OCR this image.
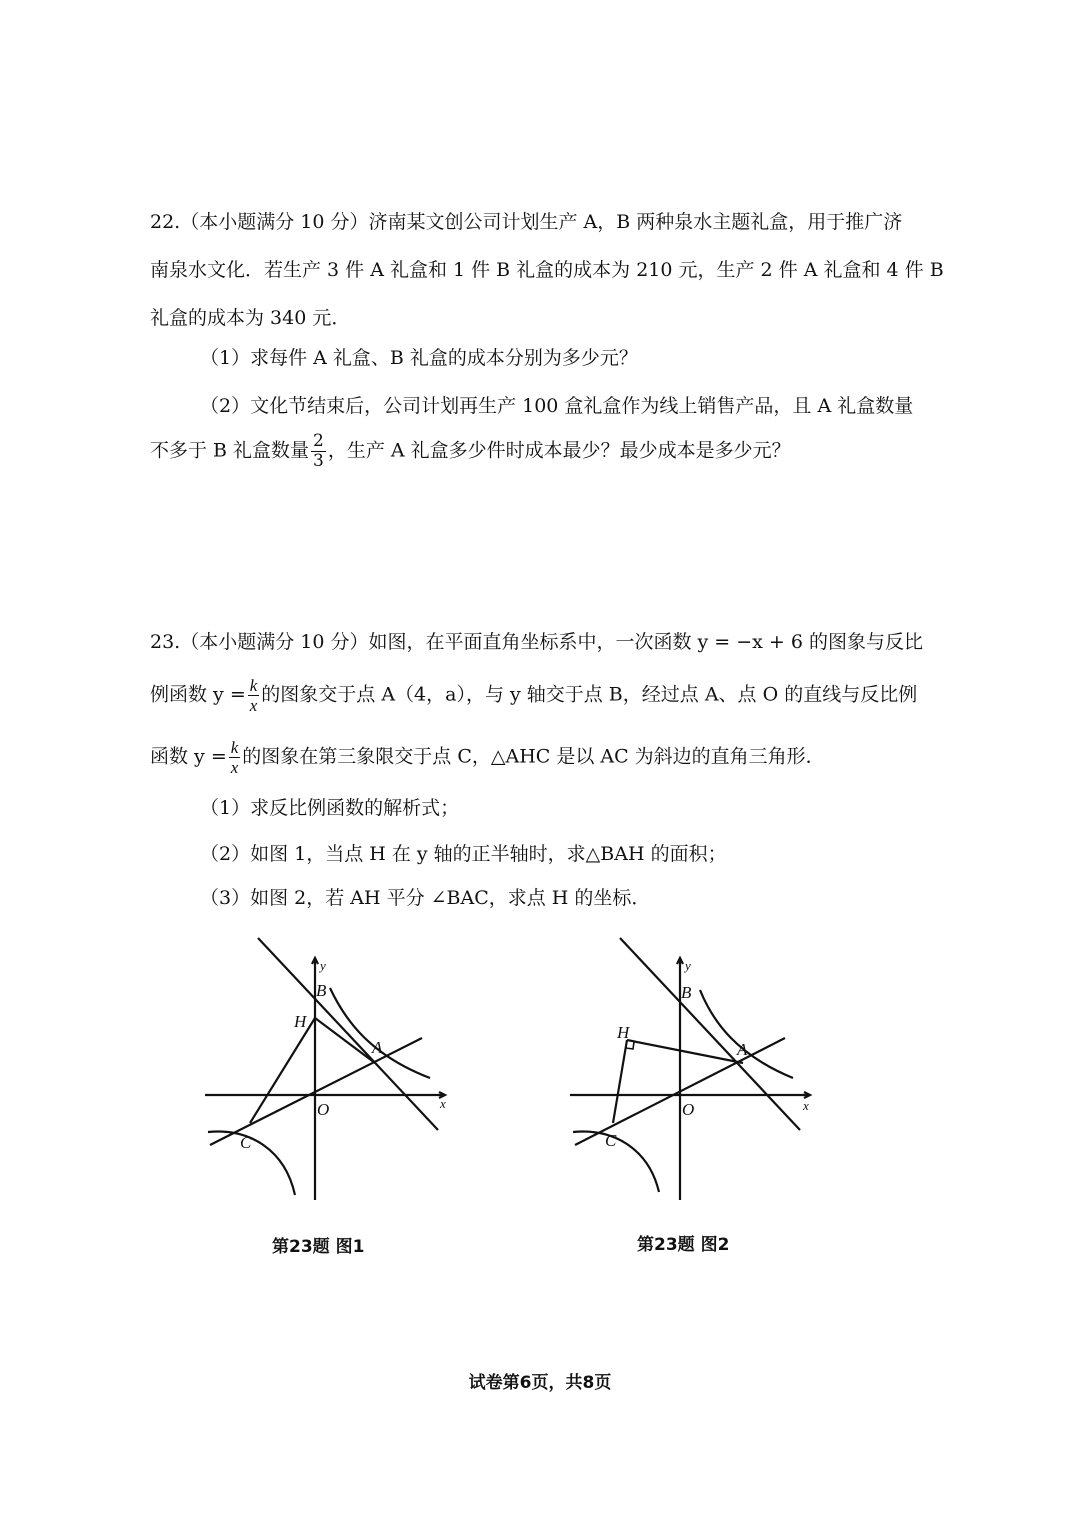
22.（本小题满分 10 分）济南某文创公司计划生产 A，B 两种泉水主题礼盒，用于推广济
南泉水文化．若生产 3 件 A 礼盒和 1 件 B 礼盒的成本为 210 元，生产 2 件 A 礼盒和 4 件 B
礼盒的成本为 340 元．
（1）求每件 A 礼盒、B 礼盒的成本分别为多少元？
（2）文化节结束后，公司计划再生产 100 盒礼盒作为线上销售产品，且 A 礼盒数量
不多于 B 礼盒数量 $\frac{2}{3}$ ，生产 A 礼盒多少件时成本最少？最少成本是多少元？
23.（本小题满分 10 分）如图，在平面直角坐标系中，一次函数 y = −x + 6 的图象与反比
例函数 $y = \frac{k}{x}$ 的图象交于点 A（4，a），与 y 轴交于点 B，经过点 A、点 O 的直线与反比例
函数 $y = \frac{k}{x}$ 的图象在第三象限交于点 C，△AHC 是以 AC 为斜边的直角三角形．
（1）求反比例函数的解析式；
（2）如图 1，当点 H 在 y 轴的正半轴时，求△BAH 的面积；
（3）如图 2，若 AH 平分 ∠BAC，求点 H 的坐标．
y
x
B
H
A
O
C
y
x
B
H
A
O
C
第23题 图1	第23题 图2
试卷第6页，共8页
